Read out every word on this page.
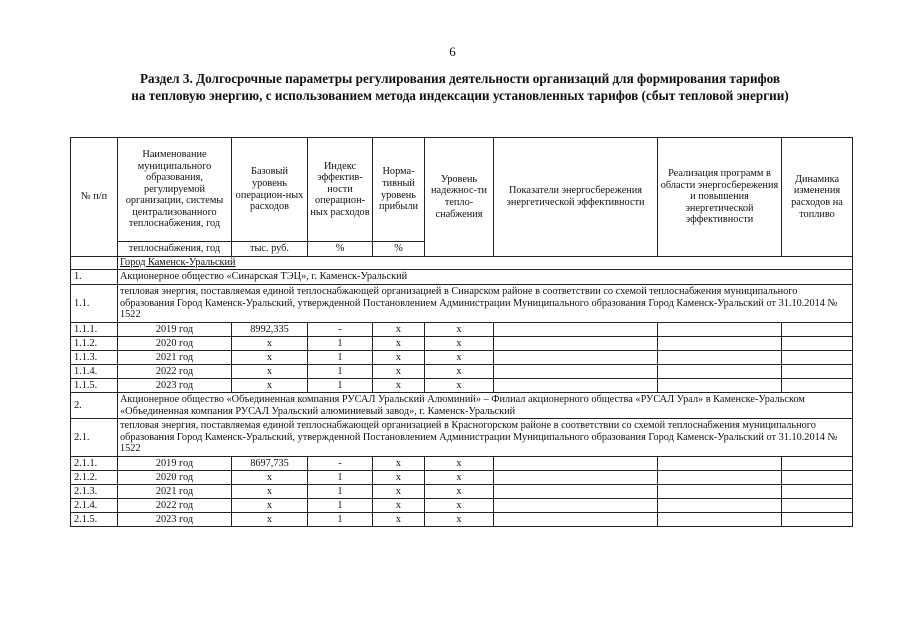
6
Раздел 3. Долгосрочные параметры регулирования деятельности организаций для формирования тарифов
на тепловую энергию, с использованием метода индексации установленных тарифов (сбыт тепловой энергии)
№ п/п	Наименование муниципального образования, регулируемой организации, системы централизованного теплоснабжения, год	Базовый уровень операцион-ных расходов	Индекс эффектив-ности операцион-ных расходов	Норма-тивный уровень прибыли	Уровень надежнос-ти тепло-снабжения	Показатели энергосбережения энергетической эффективности	Реализация программ в области энергосбережения и повышения энергетической эффективности	Динамика изменения расходов на топливо
	теплоснабжения, год	тыс. руб.	%	%				
	Город Каменск-Уральский							
1.	Акционерное общество «Синарская ТЭЦ», г. Каменск-Уральский							
1.1.	тепловая энергия, поставляемая единой теплоснабжающей организацией в Синарском районе в соответствии со схемой теплоснабжения муниципального образования Город Каменск-Уральский, утвержденной Постановлением Администрации Муниципального образования Город Каменск-Уральский от 31.10.2014 № 1522							
1.1.1.	2019 год	8992,335	-	x	x			
1.1.2.	2020 год	x	1	x	x			
1.1.3.	2021 год	x	1	x	x			
1.1.4.	2022 год	x	1	x	x			
1.1.5.	2023 год	x	1	x	x			
2.	Акционерное общество «Объединенная компания РУСАЛ Уральский Алюминий» – Филиал акционерного общества «РУСАЛ Урал» в Каменске-Уральском «Объединенная компания РУСАЛ Уральский алюминиевый завод», г. Каменск-Уральский							
2.1.	тепловая энергия, поставляемая единой теплоснабжающей организацией в Красногорском районе в соответствии со схемой теплоснабжения муниципального образования Город Каменск-Уральский, утвержденной Постановлением Администрации Муниципального образования Город Каменск-Уральский от 31.10.2014 № 1522							
2.1.1.	2019 год	8697,735	-	x	x			
2.1.2.	2020 год	x	1	x	x			
2.1.3.	2021 год	x	1	x	x			
2.1.4.	2022 год	x	1	x	x			
2.1.5.	2023 год	x	1	x	x			
